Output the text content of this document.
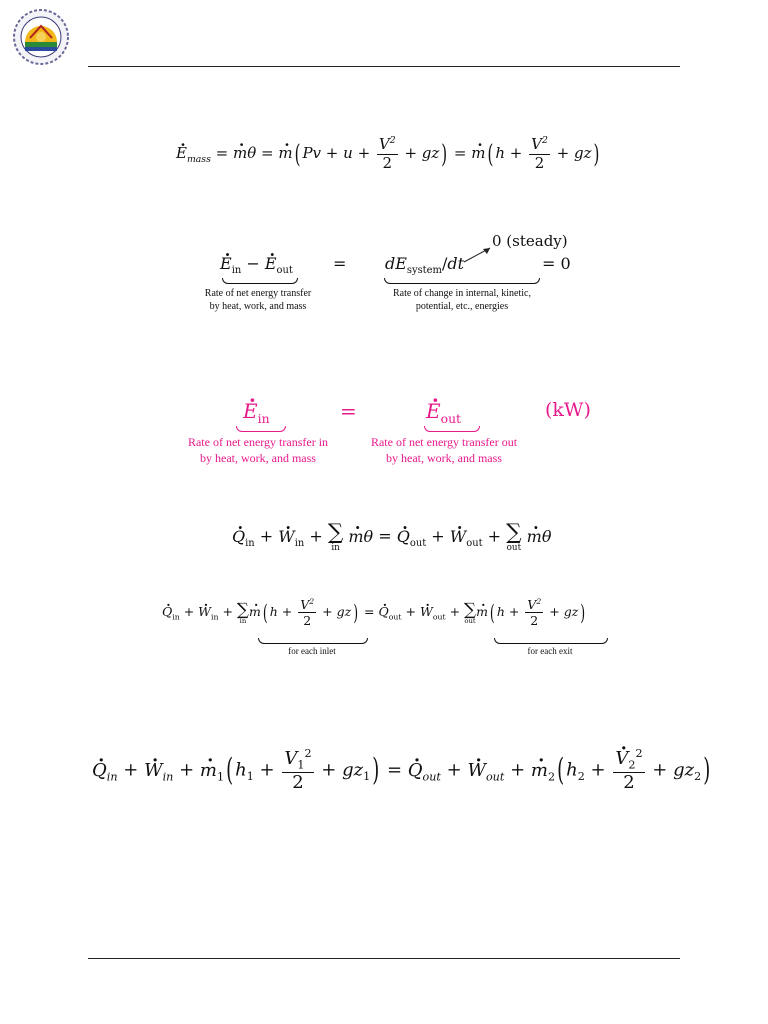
· $E_{mass}$ = · mθ = · m ( $Pv + u + \frac{V^2}{2}$ + gz ) = · m ( $h + \frac{V^2}{2}$ + gz )
· $E_{in}$ − · $E_{out}$	= $dE_{system}/dt$	= 0
0 (steady)
Rate of net energy transfer
by heat, work, and mass
Rate of change in internal, kinetic,
potential, etc., energies
· $E_{in}$	=	· $E_{out}$	(kW)
Rate of net energy transfer in
by heat, work, and mass
Rate of net energy transfer out
by heat, work, and mass
· $Q_{in}$ + · $W_{in}$ + ∑
in
· mθ = · $Q_{out}$ + · $W_{out}$ + ∑
out
· mθ
· $Q_{in}$ + · $W_{in}$ + ∑
in
· m ( $h + \frac{V^2}{2}$ + gz ) = · $Q_{out}$ + · $W_{out}$ + ∑
out
· m ( $h + \frac{V^2}{2}$ + gz )
for each inlet	for each exit
· $Q_{in}$ + · $W_{in}$ + · $m_1$ ( $h_1 + \frac{V_1^2}{2} + gz_1$ ) = · $Q_{out}$ + · $W_{out}$ + · $m_2$ ( $h_2$ + · $\frac{V_2^2}{2} + gz_2$ )
